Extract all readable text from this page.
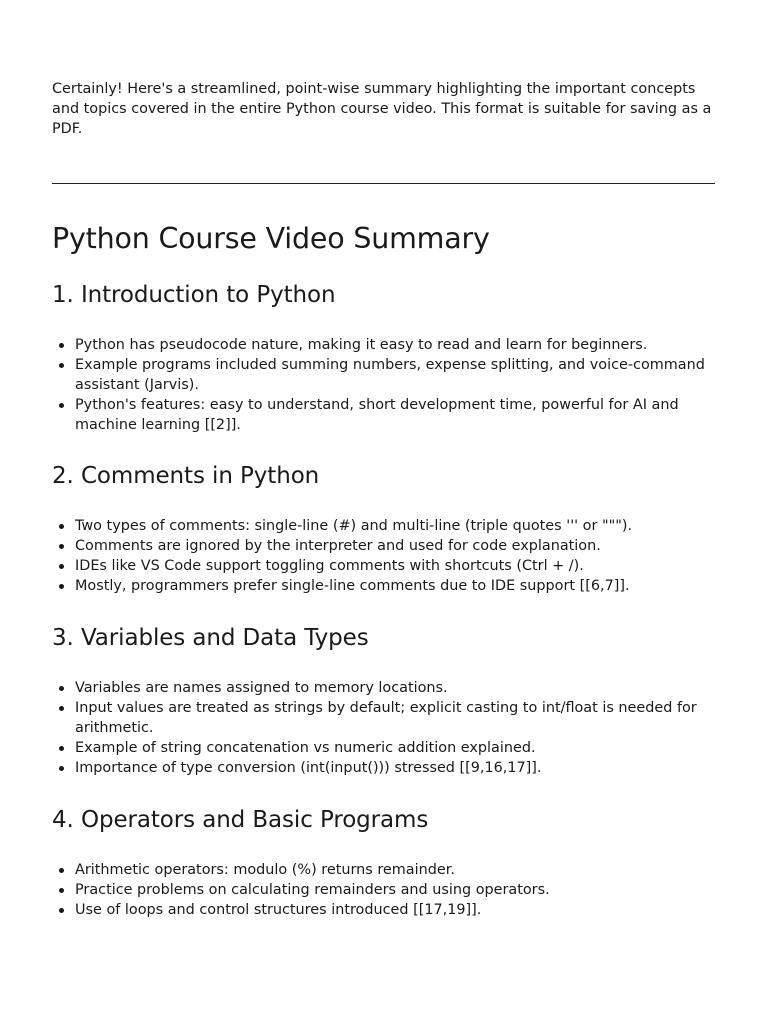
Certainly! Here's a streamlined, point-wise summary highlighting the important concepts and topics covered in the entire Python course video. This format is suitable for saving as a PDF.

Python Course Video Summary
1. Introduction to Python
Python has pseudocode nature, making it easy to read and learn for beginners.
Example programs included summing numbers, expense splitting, and voice-command assistant (Jarvis).
Python's features: easy to understand, short development time, powerful for AI and machine learning [[2]].
2. Comments in Python
Two types of comments: single-line (#) and multi-line (triple quotes ''' or """).
Comments are ignored by the interpreter and used for code explanation.
IDEs like VS Code support toggling comments with shortcuts (Ctrl + /).
Mostly, programmers prefer single-line comments due to IDE support [[6,7]].
3. Variables and Data Types
Variables are names assigned to memory locations.
Input values are treated as strings by default; explicit casting to int/float is needed for arithmetic.
Example of string concatenation vs numeric addition explained.
Importance of type conversion (int(input())) stressed [[9,16,17]].
4. Operators and Basic Programs
Arithmetic operators: modulo (%) returns remainder.
Practice problems on calculating remainders and using operators.
Use of loops and control structures introduced [[17,19]].
